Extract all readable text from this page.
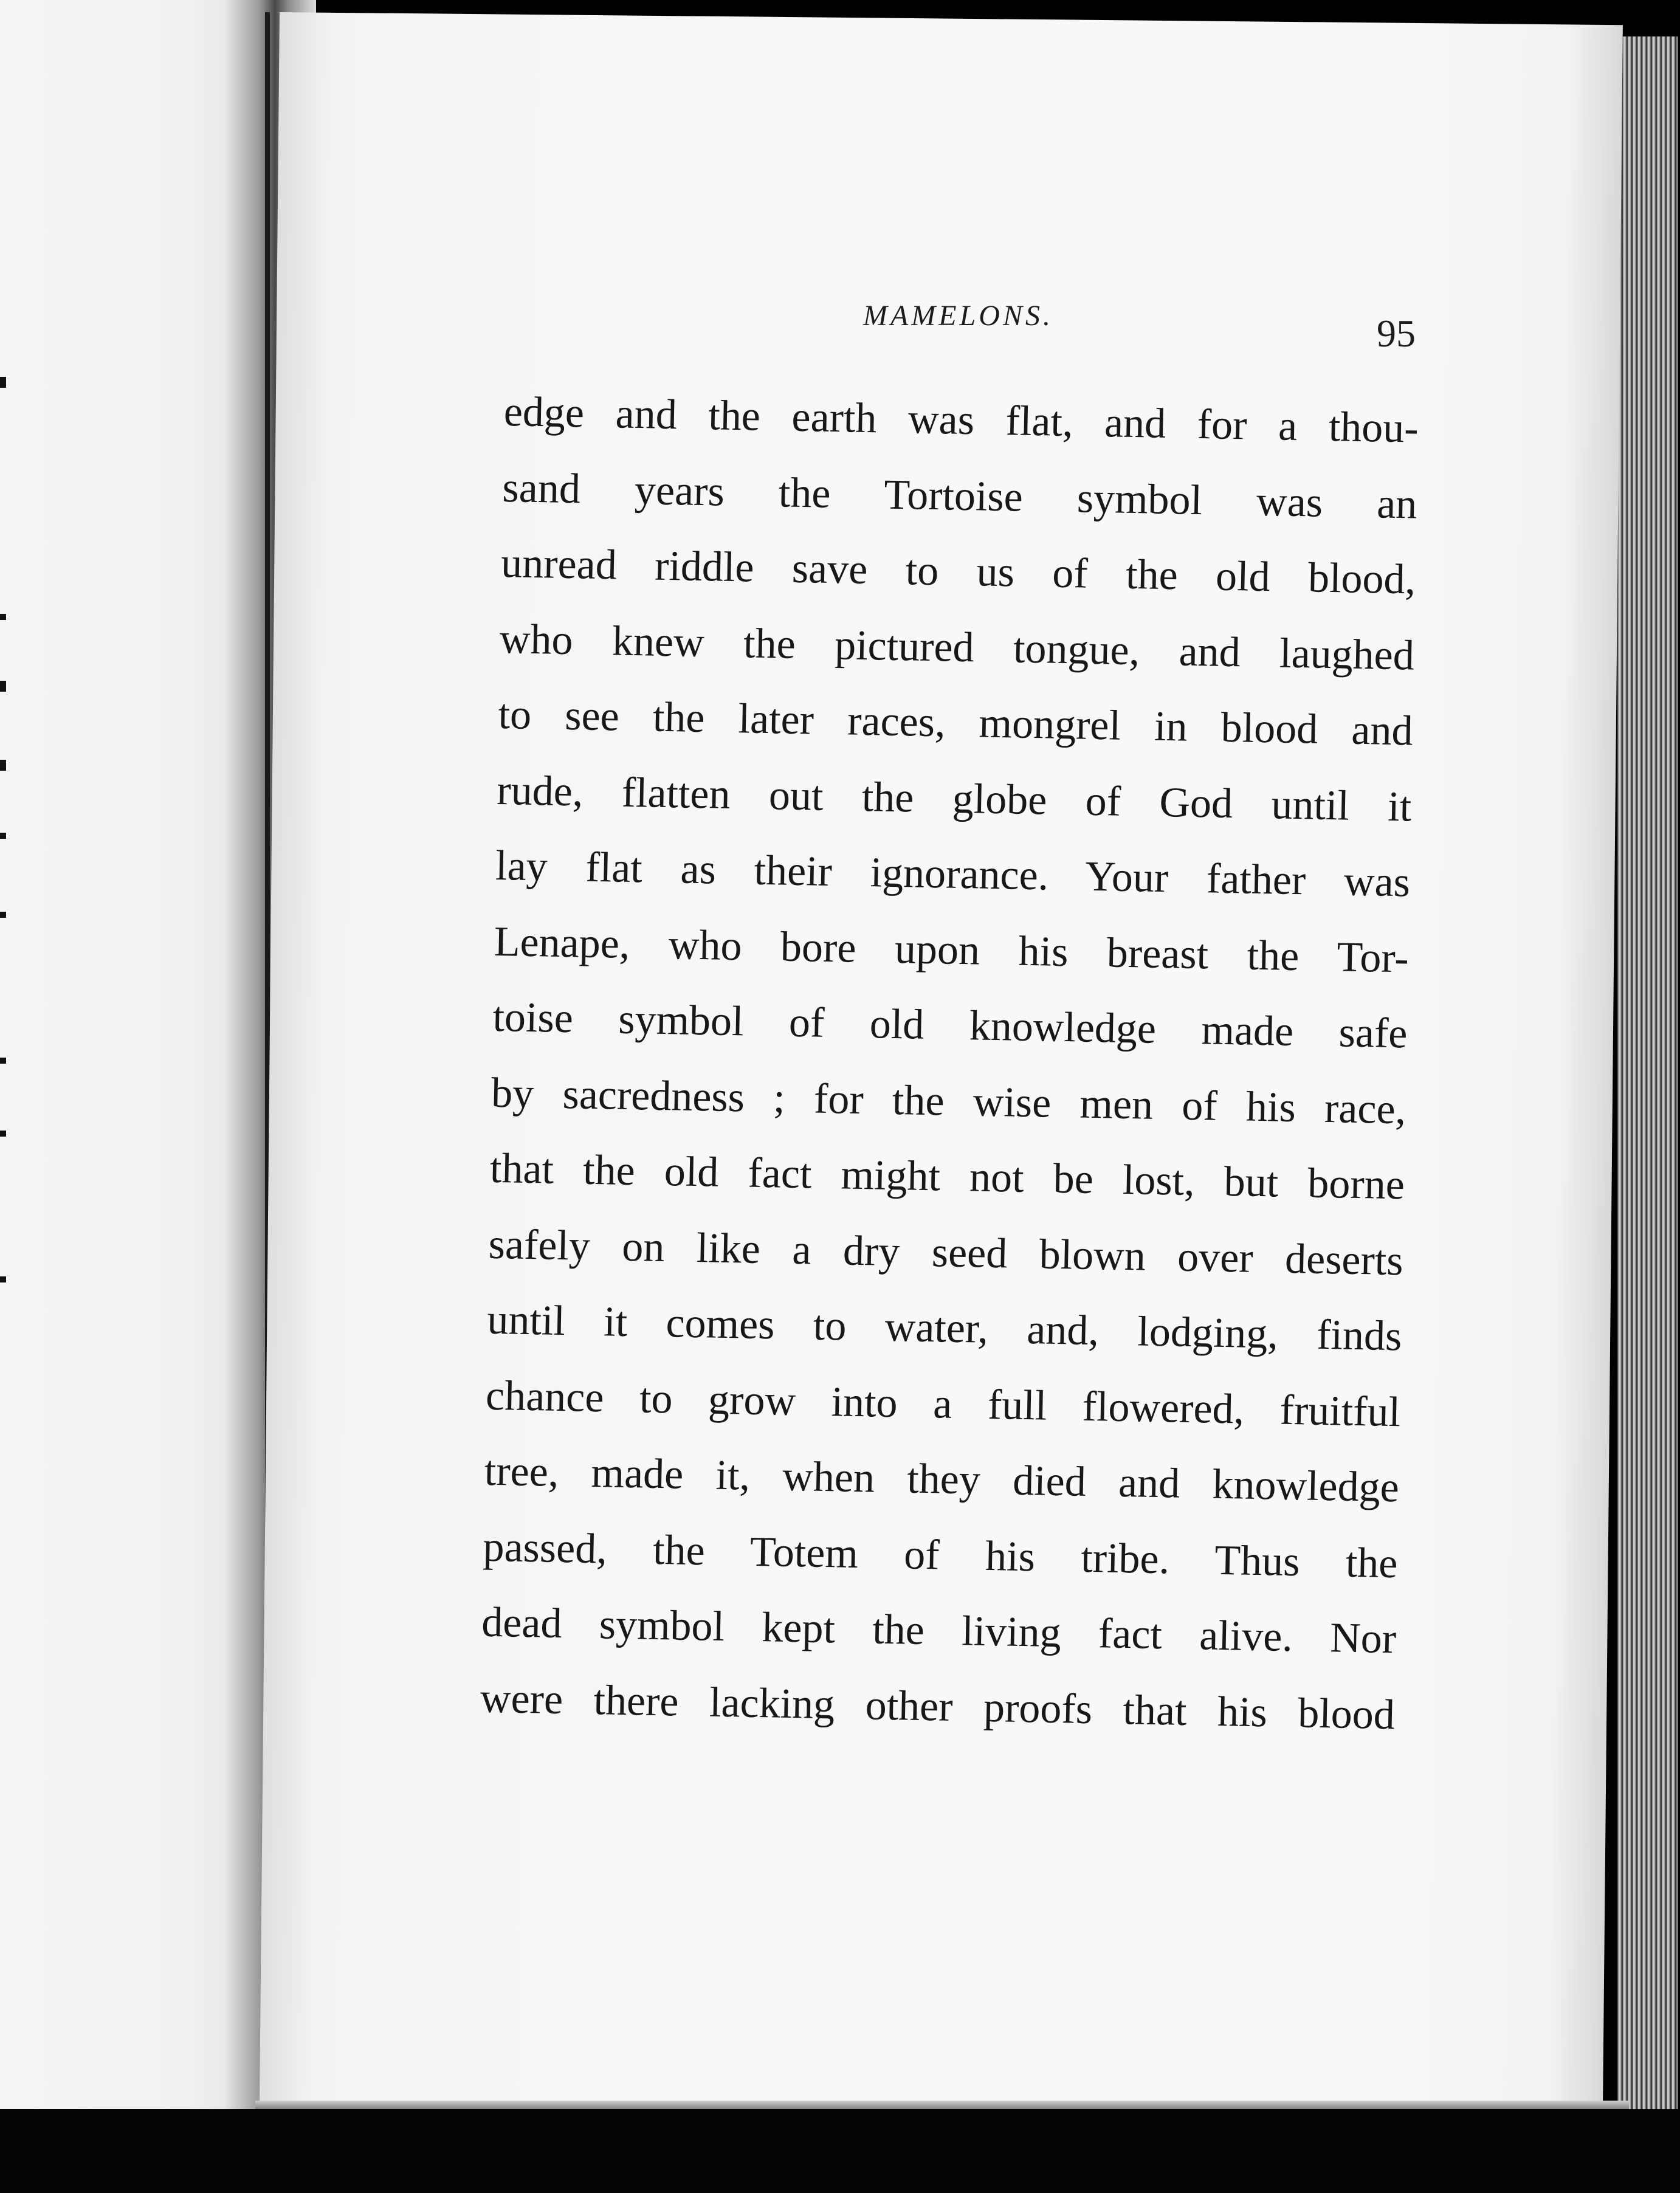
MAMELONS.	95
edge and the earth was flat, and for a thou-
sand years the Tortoise symbol was an
unread riddle save to us of the old blood,
who knew the pictured tongue, and laughed
to see the later races, mongrel in blood and
rude, flatten out the globe of God until it
lay flat as their ignorance. Your father was
Lenape, who bore upon his breast the Tor-
toise symbol of old knowledge made safe
by sacredness ; for the wise men of his race,
that the old fact might not be lost, but borne
safely on like a dry seed blown over deserts
until it comes to water, and, lodging, finds
chance to grow into a full flowered, fruitful
tree, made it, when they died and knowledge
passed, the Totem of his tribe. Thus the
dead symbol kept the living fact alive. Nor
were there lacking other proofs that his blood
